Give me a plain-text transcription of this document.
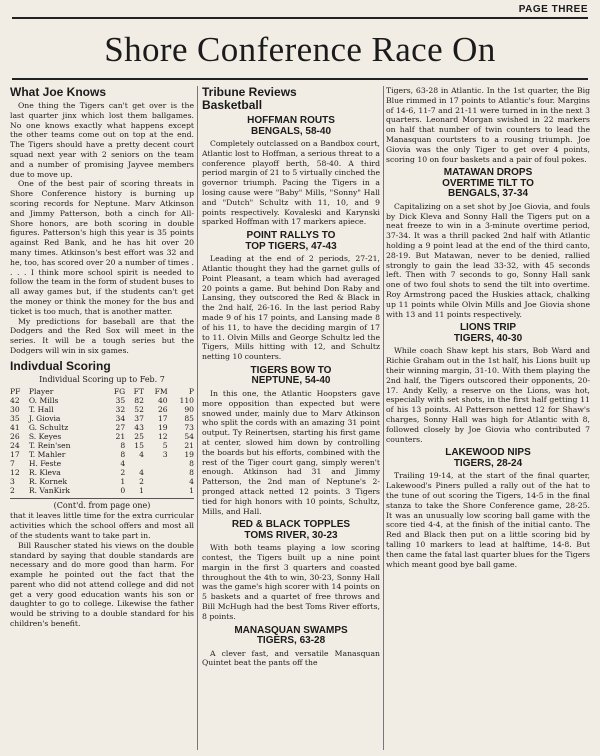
PAGE THREE
Shore Conference Race On
What Joe Knows

One thing the Tigers can't get over is the last quarter jinx which lost them ballgames. No one knows exactly what happens except the other teams come out on top at the end. The Tigers should have a pretty decent court squad next year with 2 seniors on the team and a number of promising Jayvee members due to move up.

One of the best pair of scoring threats in Shore Conference history is burning up scoring records for Neptune. Marv Atkinson and Jimmy Patterson, both a cinch for All-Shore honors, are both scoring in double figures. Patterson's high this year is 35 points against Red Bank, and he has hit over 20 many times. Atkinson's best effort was 32 and he, too, has scored over 20 a number of times . . . . I think more school spirit is needed to follow the team in the form of student buses to all away games but, if the students can't get the money or think the money for the bus and ticket is too much, that is another matter.

My predictions for baseball are that the Dodgers and the Red Sox will meet in the series. It will be a tough series but the Dodgers will win in six games.

Indivdual Scoring

Individual Scoring up to Feb. 7

PF	Player	FG	FT	FM	P
42	O. Mills	35	82	40	110
30	T. Hall	32	52	26	90
35	J. Giovia	34	37	17	85
41	G. Schultz	27	43	19	73
26	S. Keyes	21	25	12	54
24	T. Rein'sen	8	15	5	21
17	T. Mahler	8	4	3	19
7	H. Feste	4			8
12	R. Kleva	2	4		8
3	R. Kornek	1	2		4
2	R. VanKirk	0	1		1

(Cont'd. from page one)

that it leaves little time for the extra curricular activities which the school offers and most all of the students want to take part in.

Bill Rauscher stated his views on the double standard by saying that double standards are necessary and do more good than harm. For example he pointed out the fact that the parent who did not attend college and did not get a very good education wants his son or daughter to go to college. Likewise the father would be striving to a double standard for his children's benefit.

Tribune Reviews
Basketball
HOFFMAN ROUTS
BENGALS, 58-40

Completely outclassed on a Bandbox court, Atlantic lost to Hoffman, a serious threat to a conference playoff berth, 58-40. A third period margin of 21 to 5 virtually cinched the governor triumph. Pacing the Tigers in a losing cause were "Baby" Mills, "Sonny" Hall and "Dutch" Schultz with 11, 10, and 9 points respectively. Kovaleski and Karynski sparked Hoffman with 17 markers apiece.

POINT RALLYS TO
TOP TIGERS, 47-43

Leading at the end of 2 periods, 27-21, Atlantic thought they had the garnet gulls of Point Pleasant, a team which had averaged 20 points a game. But behind Don Raby and Lansing, they outscored the Red & Black in the 2nd half, 26-16. In the last period Raby made 9 of his 17 points, and Lansing made 8 of his 11, to have the deciding margin of 17 to 11. Olvin Mills and George Schultz led the Tigers, Mills hitting with 12, and Schultz netting 10 counters.

TIGERS BOW TO
NEPTUNE, 54-40

In this one, the Atlantic Hoopsters gave more opposition than expected but were snowed under, mainly due to Marv Atkinson who split the cords with an amazing 31 point output. Ty Reinertsen, starting his first game at center, slowed him down by controlling the boards but his efforts, combined with the rest of the Tiger court gang, simply weren't enough. Atkinson had 31 and Jimmy Patterson, the 2nd man of Neptune's 2-pronged attack netted 12 points. 3 Tigers tied for high honors with 10 points, Schultz, Mills, and Hall.

RED & BLACK TOPPLES
TOMS RIVER, 30-23

With both teams playing a low scoring contest, the Tigers built up a nine point margin in the first 3 quarters and coasted throughout the 4th to win, 30-23, Sonny Hall was the game's high scorer with 14 points on 5 baskets and a quartet of free throws and Bill McHugh had the best Toms River efforts, 8 points.

MANASQUAN SWAMPS
TIGERS, 63-28

A clever fast, and versatile Manasquan Quintet beat the pants off the

Tigers, 63-28 in Atlantic. In the 1st quarter, the Big Blue rimmed in 17 points to Atlantic's four. Margins of 14-6, 11-7 and 21-11 were turned in in the next 3 quarters. Leonard Morgan swished in 22 markers on half that number of twin counters to lead the Manasquan courtsters to a rousing triumph. Joe Giovia was the only Tiger to get over 4 points, scoring 10 on four baskets and a pair of foul pokes.

MATAWAN DROPS
OVERTIME TILT TO
BENGALS, 37-34

Capitalizing on a set shot by Joe Giovia, and fouls by Dick Kleva and Sonny Hall the Tigers put on a neat freeze to win in a 3-minute overtime period, 37-34. It was a thrill packed 2nd half with Atlantic holding a 9 point lead at the end of the third canto, 28-19. But Matawan, never to be denied, rallied strongly to gain the lead 33-32, with 45 seconds left. Then with 7 seconds to go, Sonny Hall sank one of two foul shots to send the tilt into overtime. Roy Armstrong paced the Huskies attack, chalking up 11 points while Olvin Mills and Joe Giovia shone with 13 and 11 points respectively.

LIONS TRIP
TIGERS, 40-30

While coach Shaw kept his stars, Bob Ward and Richie Graham out in the 1st half, his Lions built up their winning margin, 31-10. With them playing the 2nd half, the Tigers outscored their opponents, 20-17. Andy Kelly, a reserve on the Lions, was hot, especially with set shots, in the first half getting 11 of his 13 points. Al Patterson netted 12 for Shaw's charges, Sonny Hall was high for Atlantic with 8, followed closely by Joe Giovia who contributed 7 counters.

LAKEWOOD NIPS
TIGERS, 28-24

Trailing 19-14, at the start of the final quarter, Lakewood's Piners pulled a rally out of the hat to the tune of out scoring the Tigers, 14-5 in the final stanza to take the Shore Conference game, 28-25. It was an unusually low scoring ball game with the score tied 4-4, at the finish of the initial canto. The Red and Black then put on a little scoring bid by talling 10 markers to lead at halftime, 14-8. But then came the fatal last quarter blues for the Tigers which meant good bye ball game.
